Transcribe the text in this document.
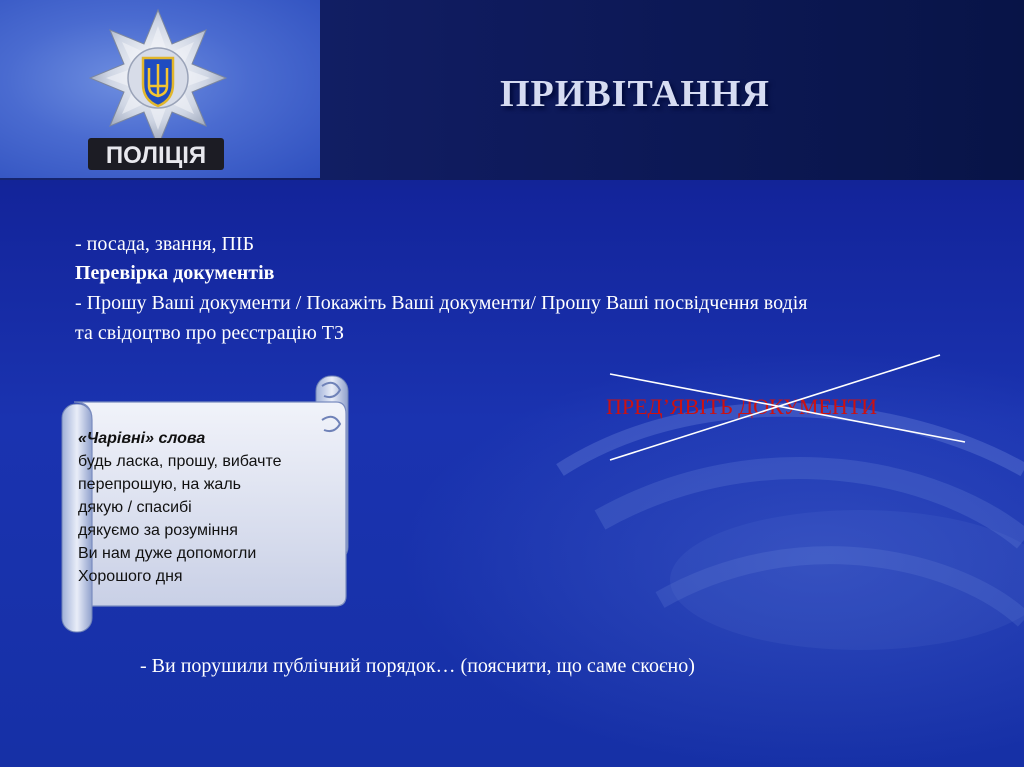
ПОЛІЦІЯ
ПРИВІТАННЯ
- посада, звання, ПІБ
Перевірка документів
- Прошу Ваші документи / Покажіть Ваші документи/ Прошу Ваші посвідчення водія
та свідоцтво про реєстрацію ТЗ
ПРЕД’ЯВІТЬ ДОКУМЕНТИ
«Чарівні» слова
будь ласка, прошу, вибачте
перепрошую, на жаль
дякую / спасибі
дякуємо за розуміння
Ви нам дуже допомогли
Хорошого дня
- Ви порушили публічний порядок… (пояснити, що саме скоєно)
